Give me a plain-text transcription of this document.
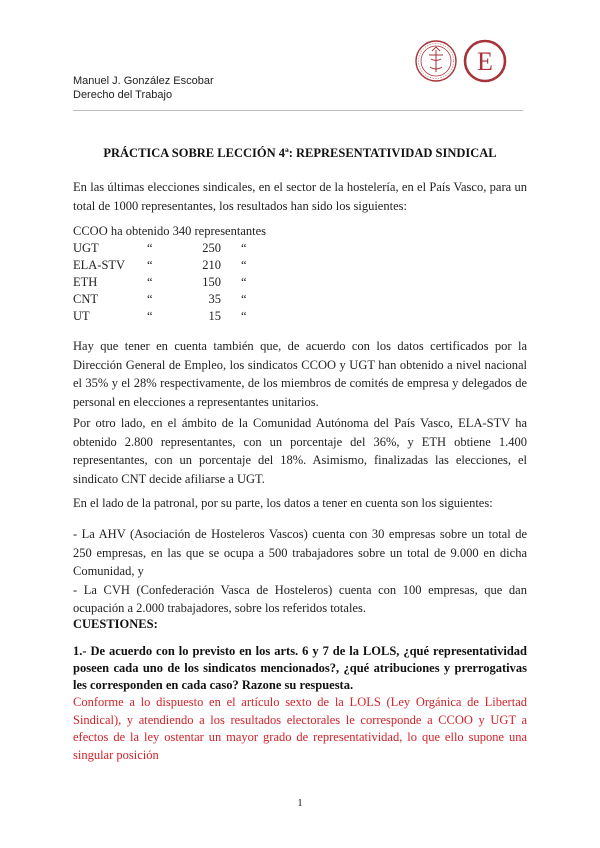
Manuel J. González Escobar
Derecho del Trabajo
E
PRÁCTICA SOBRE LECCIÓN 4ª: REPRESENTATIVIDAD SINDICAL
En las últimas elecciones sindicales, en el sector de la hostelería, en el País Vasco, para un total de 1000 representantes, los resultados han sido los siguientes:
CCOO ha obtenido 340 representantes
UGT	“	250	“
ELA-STV	“	210	“
ETH	“	150	“
CNT	“	35	“
UT	“	15	“
Hay que tener en cuenta también que, de acuerdo con los datos certificados por la Dirección General de Empleo, los sindicatos CCOO y UGT han obtenido a nivel nacional el 35% y el 28% respectivamente, de los miembros de comités de empresa y delegados de personal en elecciones a representantes unitarios.
Por otro lado, en el ámbito de la Comunidad Autónoma del País Vasco, ELA-STV ha obtenido 2.800 representantes, con un porcentaje del 36%, y ETH obtiene 1.400 representantes, con un porcentaje del 18%. Asimismo, finalizadas las elecciones, el sindicato CNT decide afiliarse a UGT.
En el lado de la patronal, por su parte, los datos a tener en cuenta son los siguientes:
- La AHV (Asociación de Hosteleros Vascos) cuenta con 30 empresas sobre un total de 250 empresas, en las que se ocupa a 500 trabajadores sobre un total de 9.000 en dicha Comunidad, y
- La CVH (Confederación Vasca de Hosteleros) cuenta con 100 empresas, que dan ocupación a 2.000 trabajadores, sobre los referidos totales.
CUESTIONES:
1.- De acuerdo con lo previsto en los arts. 6 y 7 de la LOLS, ¿qué representatividad poseen cada uno de los sindicatos mencionados?, ¿qué atribuciones y prerrogativas les corresponden en cada caso? Razone su respuesta.
Conforme a lo dispuesto en el artículo sexto de la LOLS (Ley Orgánica de Libertad Sindical), y atendiendo a los resultados electorales le corresponde a CCOO y UGT a efectos de la ley ostentar un mayor grado de representatividad, lo que ello supone una singular posición
1
